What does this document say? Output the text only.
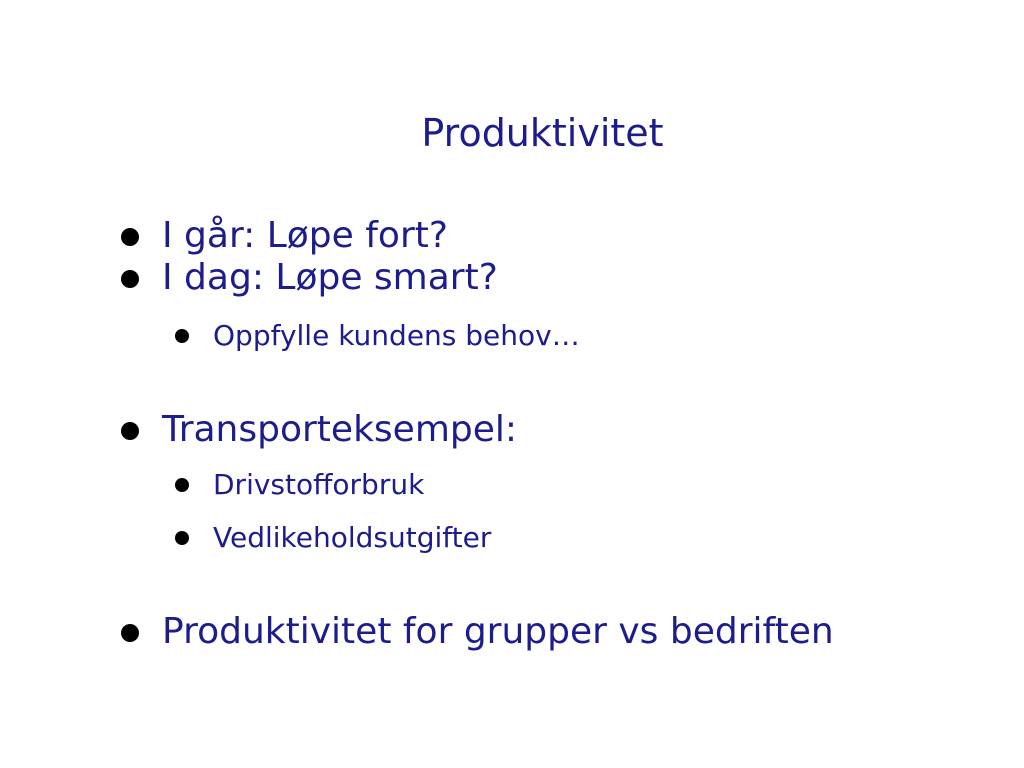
Produktivitet
I går: Løpe fort?
I dag: Løpe smart?
Oppfylle kundens behov…
Transporteksempel:
Drivstofforbruk
Vedlikeholdsutgifter
Produktivitet for grupper vs bedriften
